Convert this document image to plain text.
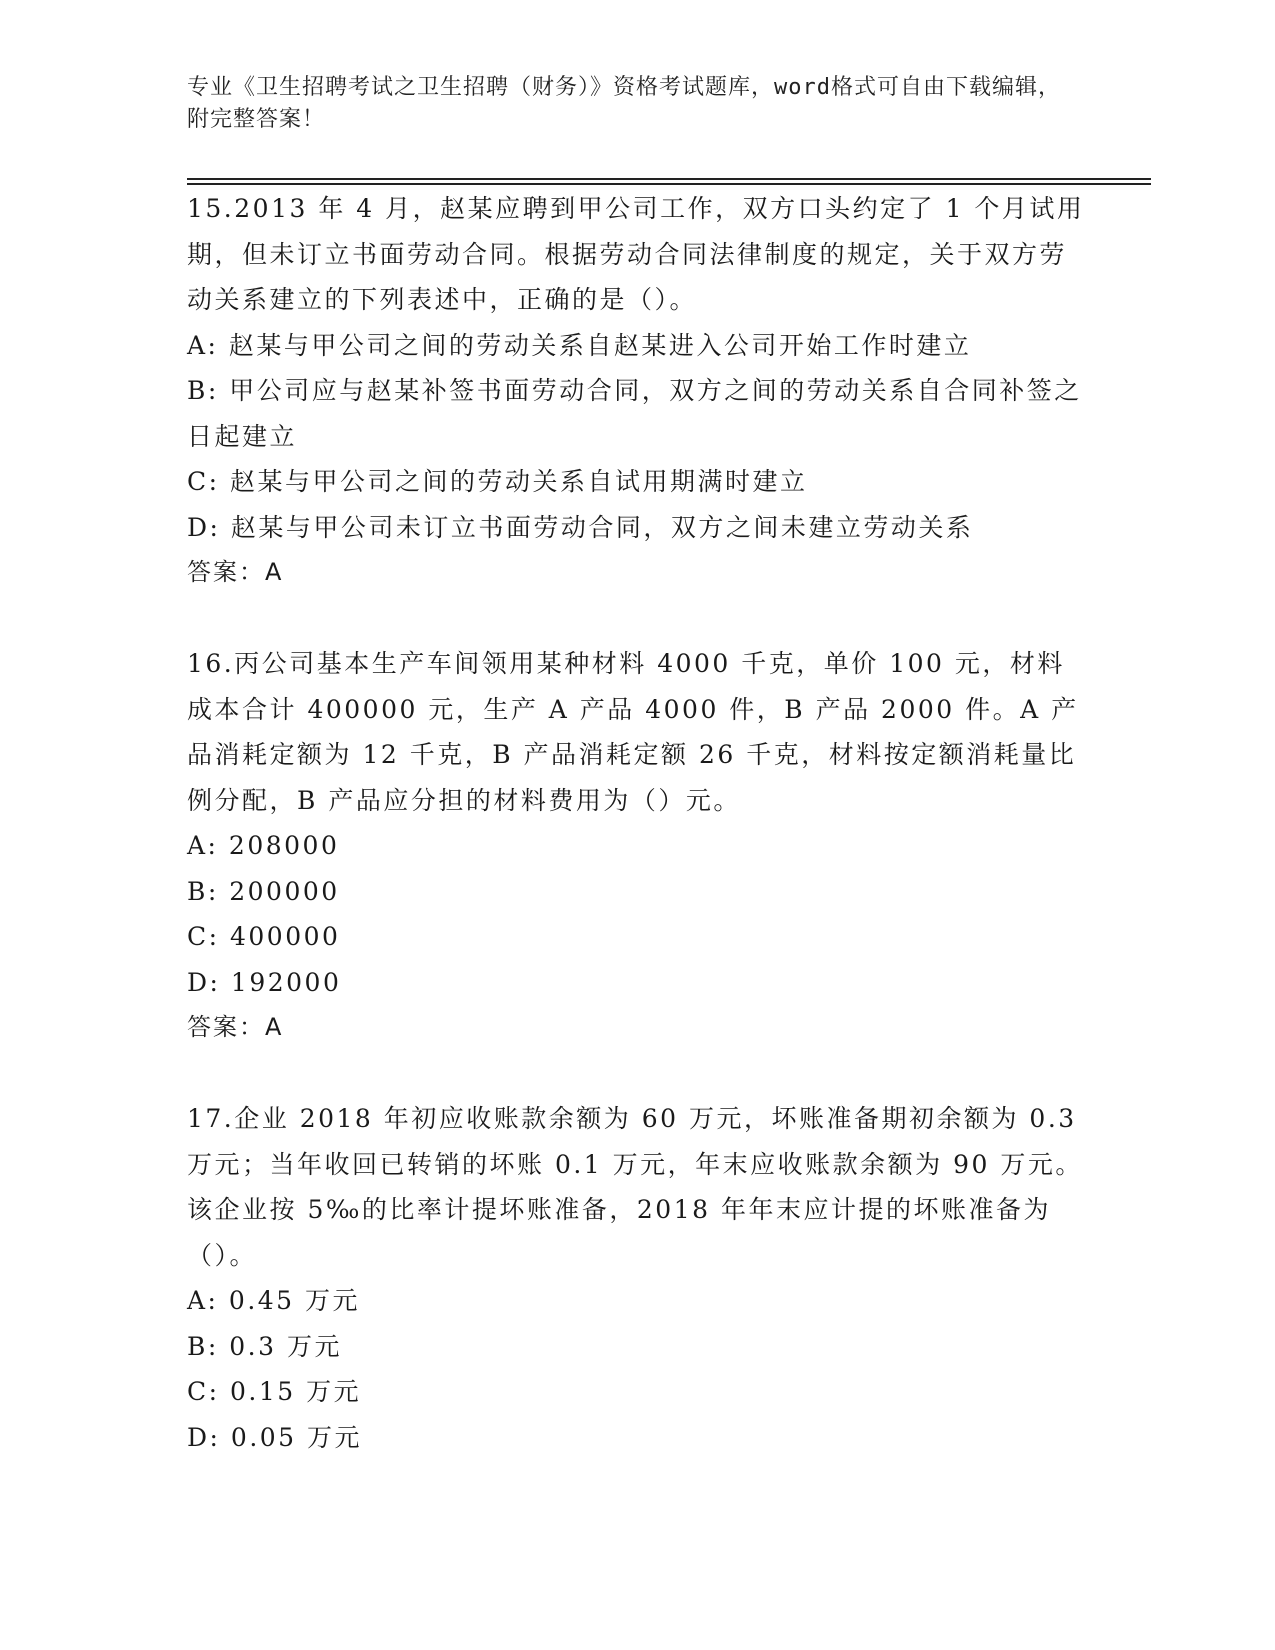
专业《卫生招聘考试之卫生招聘（财务）》资格考试题库，word格式可自由下载编辑，附完整答案！

15.2013 年 4 月，赵某应聘到甲公司工作，双方口头约定了 1 个月试用期，但未订立书面劳动合同。根据劳动合同法律制度的规定，关于双方劳动关系建立的下列表述中，正确的是（）。

A: 赵某与甲公司之间的劳动关系自赵某进入公司开始工作时建立

B: 甲公司应与赵某补签书面劳动合同，双方之间的劳动关系自合同补签之日起建立

C: 赵某与甲公司之间的劳动关系自试用期满时建立

D: 赵某与甲公司未订立书面劳动合同，双方之间未建立劳动关系

答案：A

16.丙公司基本生产车间领用某种材料 4000 千克，单价 100 元，材料成本合计 400000 元，生产 A 产品 4000 件，B 产品 2000 件。A 产品消耗定额为 12 千克，B 产品消耗定额 26 千克，材料按定额消耗量比例分配，B 产品应分担的材料费用为（）元。

A: 208000

B: 200000

C: 400000

D: 192000

答案：A

17.企业 2018 年初应收账款余额为 60 万元，坏账准备期初余额为 0.3 万元；当年收回已转销的坏账 0.1 万元，年末应收账款余额为 90 万元。该企业按 5‰的比率计提坏账准备，2018 年年末应计提的坏账准备为（）。

A: 0.45 万元

B: 0.3 万元

C: 0.15 万元

D: 0.05 万元
